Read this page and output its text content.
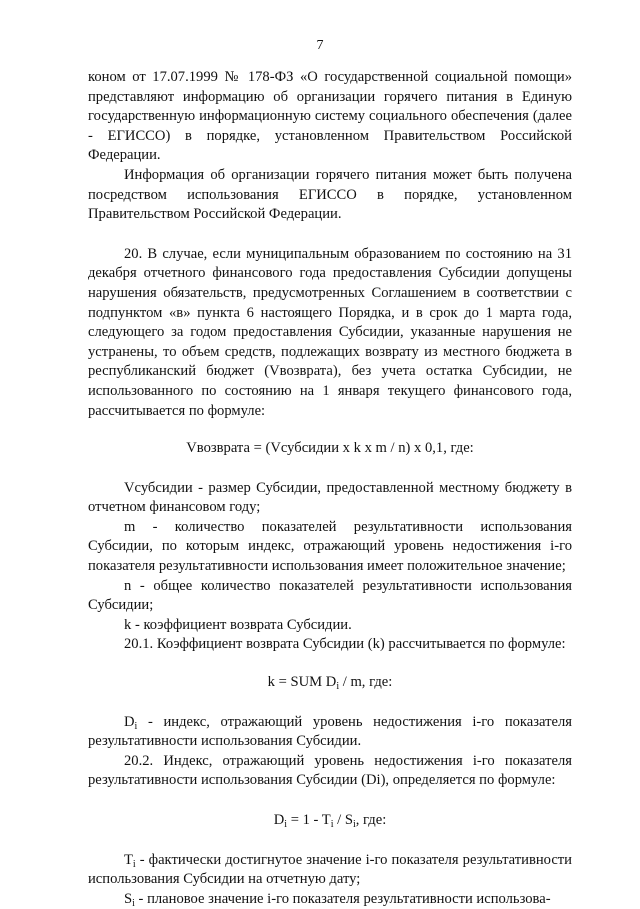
7

коном от 17.07.1999 № 178-ФЗ «О государственной социальной помощи» представляют информацию об организации горячего питания в Единую государственную информационную систему социального обеспечения (далее - ЕГИССО) в порядке, установленном Правительством Российской Федерации.

Информация об организации горячего питания может быть получена посредством использования ЕГИССО в порядке, установленном Правительством Российской Федерации.

20. В случае, если муниципальным образованием по состоянию на 31 декабря отчетного финансового года предоставления Субсидии допущены нарушения обязательств, предусмотренных Соглашением в соответствии с подпунктом «в» пункта 6 настоящего Порядка, и в срок до 1 марта года, следующего за годом предоставления Субсидии, указанные нарушения не устранены, то объем средств, подлежащих возврату из местного бюджета в республиканский бюджет (Vвозврата), без учета остатка Субсидии, не использованного по состоянию на 1 января текущего финансового года, рассчитывается по формуле:

Vвозврата = (Vсубсидии x k x m / n) x 0,1, где:

Vсубсидии - размер Субсидии, предоставленной местному бюджету в отчетном финансовом году;

m - количество показателей результативности использования Субсидии, по которым индекс, отражающий уровень недостижения i-го показателя результативности использования имеет положительное значение;

n - общее количество показателей результативности использования Субсидии;

k - коэффициент возврата Субсидии.

20.1. Коэффициент возврата Субсидии (k) рассчитывается по формуле:

k = SUM $D_i$ / m, где:

$D_i$ - индекс, отражающий уровень недостижения i-го показателя результативности использования Субсидии.

20.2. Индекс, отражающий уровень недостижения i-го показателя результативности использования Субсидии (Di), определяется по формуле:

$D_i = 1 - T_i / S_i$, где:

$T_i$ - фактически достигнутое значение i-го показателя результативности использования Субсидии на отчетную дату;

$S_i$ - плановое значение i-го показателя результативности использова-
